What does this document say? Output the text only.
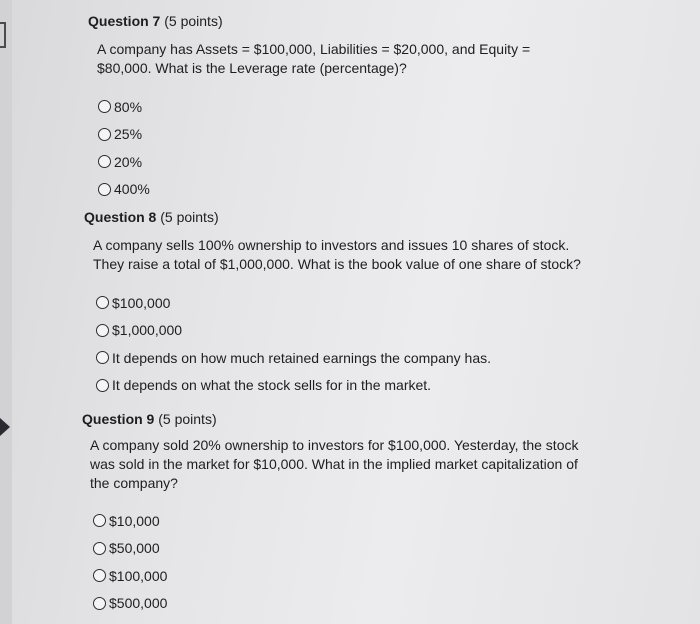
Question 7 (5 points)

A company has Assets = $100,000, Liabilities = $20,000, and Equity = $80,000. What is the Leverage rate (percentage)?

80%
25%
20%
400%
Question 8 (5 points)

A company sells 100% ownership to investors and issues 10 shares of stock. They raise a total of $1,000,000. What is the book value of one share of stock?

$100,000
$1,000,000
It depends on how much retained earnings the company has.
It depends on what the stock sells for in the market.
Question 9 (5 points)

A company sold 20% ownership to investors for $100,000. Yesterday, the stock was sold in the market for $10,000. What in the implied market capitalization of the company?

$10,000
$50,000
$100,000
$500,000
